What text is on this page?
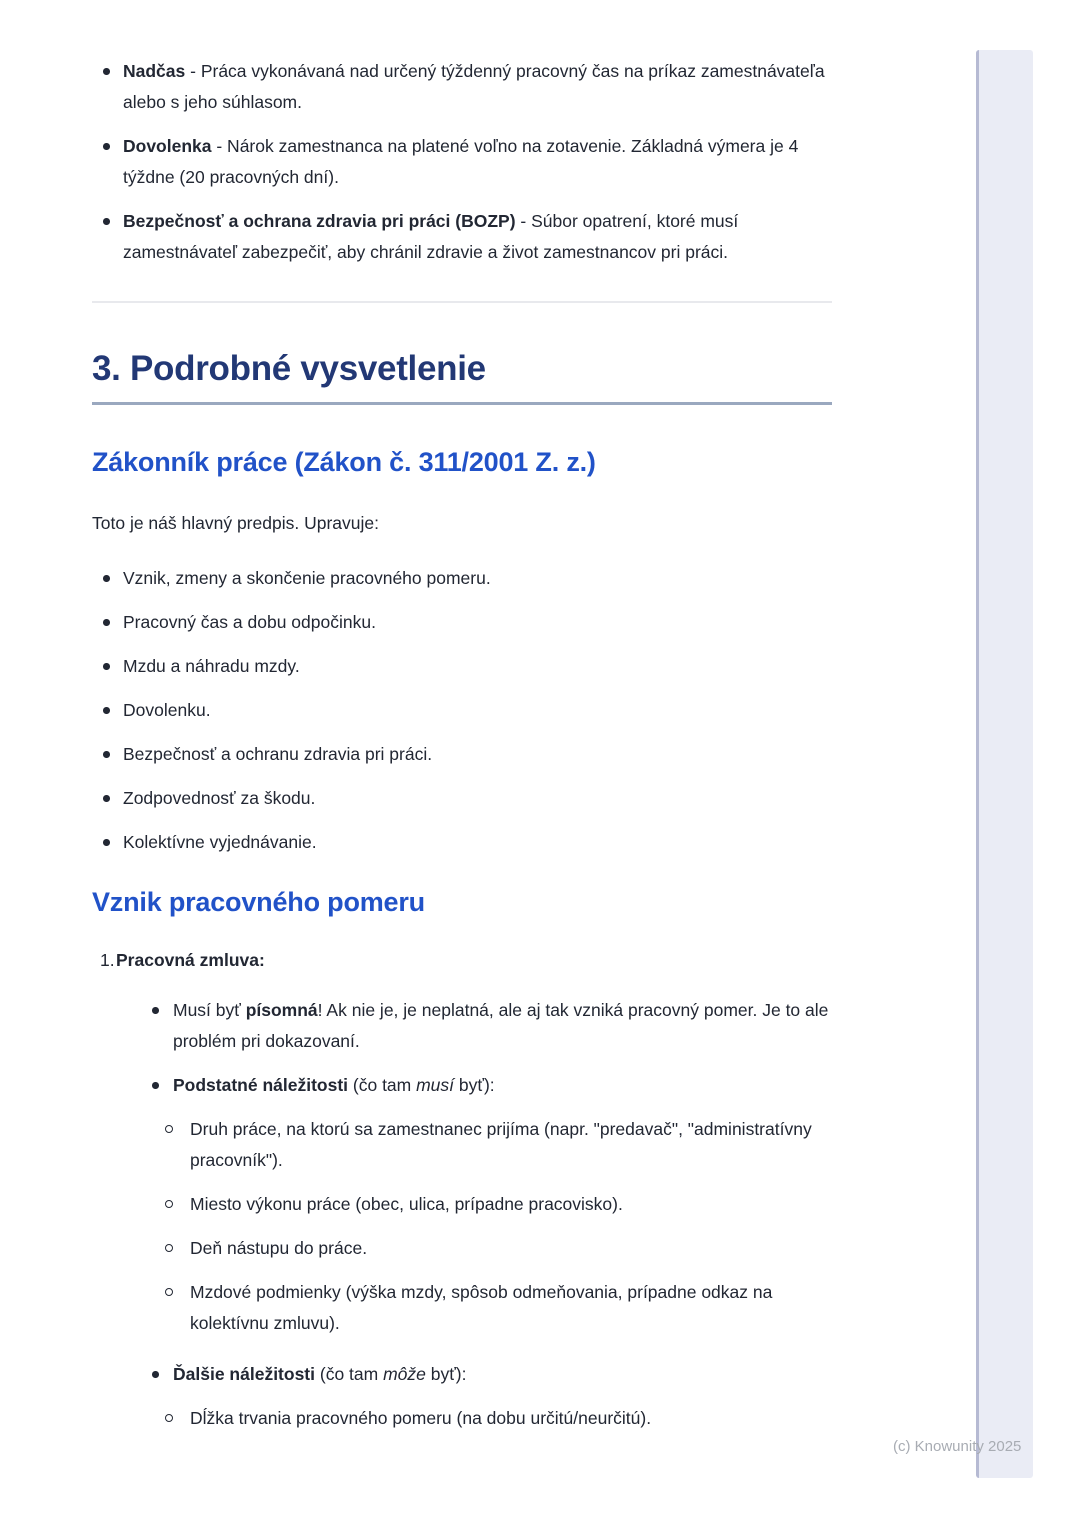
Nadčas - Práca vykonávaná nad určený týždenný pracovný čas na príkaz zamestnávateľa alebo s jeho súhlasom.
Dovolenka - Nárok zamestnanca na platené voľno na zotavenie. Základná výmera je 4 týždne (20 pracovných dní).
Bezpečnosť a ochrana zdravia pri práci (BOZP) - Súbor opatrení, ktoré musí zamestnávateľ zabezpečiť, aby chránil zdravie a život zamestnancov pri práci.
3. Podrobné vysvetlenie
Zákonník práce (Zákon č. 311/2001 Z. z.)

Toto je náš hlavný predpis. Upravuje:

Vznik, zmeny a skončenie pracovného pomeru.
Pracovný čas a dobu odpočinku.
Mzdu a náhradu mzdy.
Dovolenku.
Bezpečnosť a ochranu zdravia pri práci.
Zodpovednosť za škodu.
Kolektívne vyjednávanie.
Vznik pracovného pomeru
1. Pracovná zmluva:
Musí byť písomná! Ak nie je, je neplatná, ale aj tak vzniká pracovný pomer. Je to ale problém pri dokazovaní.
Podstatné náležitosti (čo tam musí byť):
Druh práce, na ktorú sa zamestnanec prijíma (napr. "predavač", "administratívny pracovník").
Miesto výkonu práce (obec, ulica, prípadne pracovisko).
Deň nástupu do práce.
Mzdové podmienky (výška mzdy, spôsob odmeňovania, prípadne odkaz na kolektívnu zmluvu).
Ďalšie náležitosti (čo tam môže byť):
Dĺžka trvania pracovného pomeru (na dobu určitú/neurčitú).
(c) Knowunity 2025
